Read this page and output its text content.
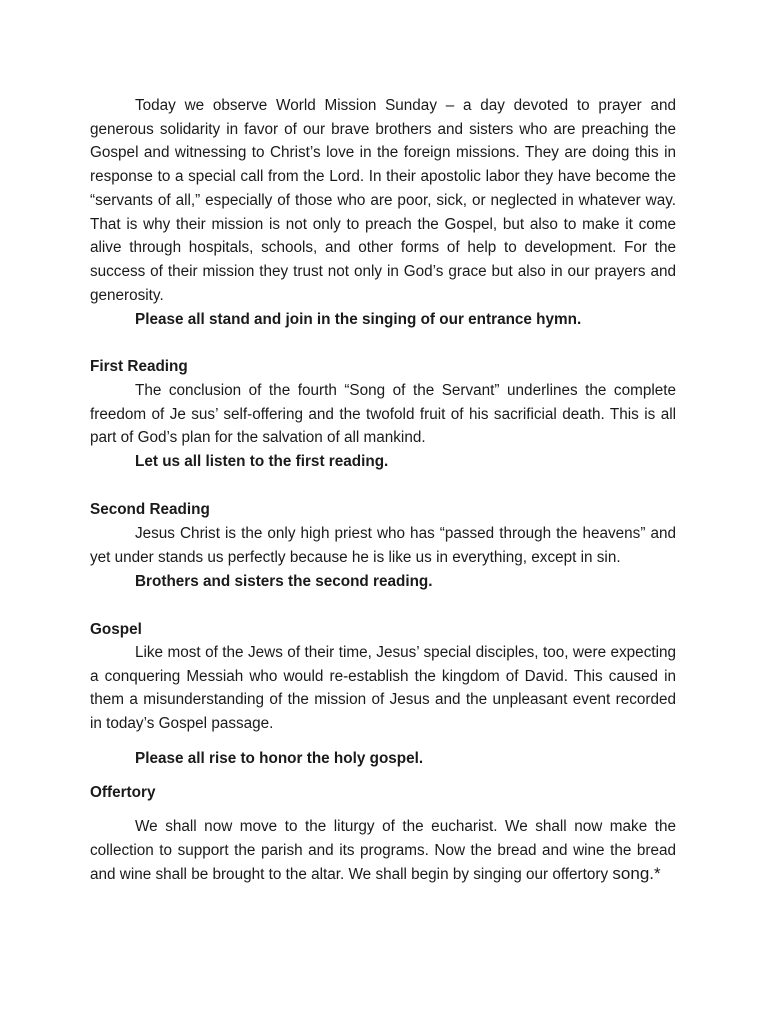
Today we observe World Mission Sunday – a day devoted to prayer and generous solidarity in favor of our brave brothers and sisters who are preaching the Gospel and witnessing to Christ’s love in the foreign missions. They are doing this in response to a special call from the Lord. In their apostolic labor they have become the “servants of all,” especially of those who are poor, sick, or neglected in whatever way. That is why their mission is not only to preach the Gospel, but also to make it come alive through hospitals, schools, and other forms of help to development. For the success of their mission they trust not only in God’s grace but also in our prayers and generosity.

Please all stand and join in the singing of our entrance hymn.

First Reading

The conclusion of the fourth “Song of the Servant” underlines the complete freedom of Je sus’ self-offering and the twofold fruit of his sacrificial death. This is all part of God’s plan for the salvation of all mankind.

Let us all listen to the first reading.

Second Reading

Jesus Christ is the only high priest who has “passed through the heavens” and yet under stands us perfectly because he is like us in everything, except in sin.

Brothers and sisters the second reading.

Gospel

Like most of the Jews of their time, Jesus’ special disciples, too, were expecting a conquering Messiah who would re-establish the kingdom of David. This caused in them a misunderstanding of the mission of Jesus and the unpleasant event recorded in today’s Gospel passage.

Please all rise to honor the holy gospel.

Offertory

We shall now move to the liturgy of the eucharist. We shall now make the collection to support the parish and its programs. Now the bread and wine the bread and wine shall be brought to the altar. We shall begin by singing our offertory song.*
